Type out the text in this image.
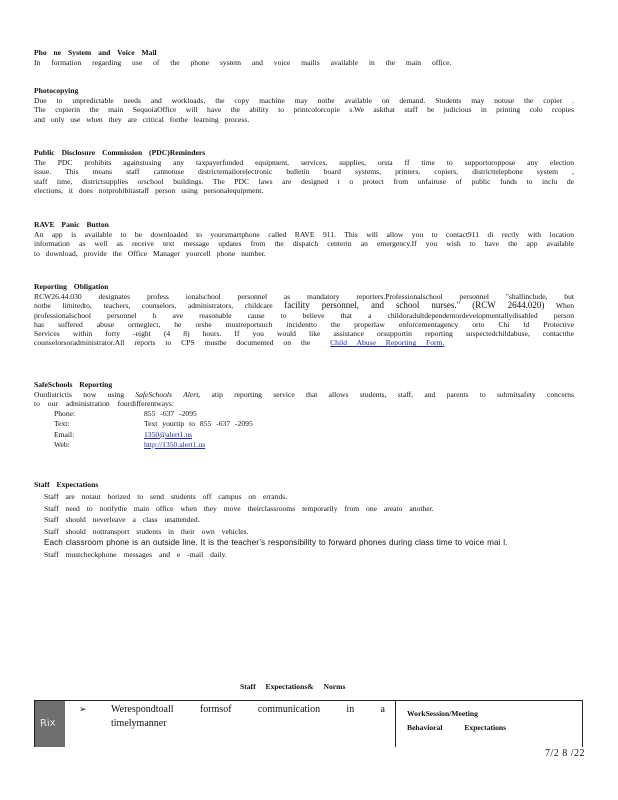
Pho ne System and Voice Mail
In formation regarding use of the phone system and voice mailis available in the main office.
Photocopying
Due to unpredictable needs and workloads, the copy machine may nothe available on demand. Students may notuse the copier .
The copierin the main SequoiaOffice will have the ability to printcolorcopie s.We askthat staff be judicious in printing colo rcopies
and only use when they are critical forthe learning process.
Public Disclosure Commission (PDC)Reminders
The PDC prohibits againstusing any taxpayerfunded equipment, services, supplies, orsta ff time to supportoroppose any election
issue. This means staff cannotuse districtemailorelectronic bulletin board systems, printers, copiers, districttelephone system ,
staff time, districtsupplies orschool buildings. The PDC laws are designed t o protect from unfairuse of public funds to inclu de
elections, it does notprohibitastaff person using personalequipment.
RAVE Panic Button
An app is available to be downloaded to yoursmartphone called RAVE 911. This will allow you to contact911 di rectly with location
information as well as receive text message updates from the dispatch centerin an emergency.If you wish to have the app available
to download, provide the Office Manager yourcell phone number.
Reporting Obligation
RCW26.44.030 designates profess ionalschool personnel as mandatory reporters.Professionalschool personnel "shallinclude, but
notbe limitedto, teachers, counselors, administrators, childcare facility personnel, and school nurses." (RCW 2644.020) When
professionalschool personnel h ave reasonable cause to believe that a childoradultdependentordevelopmentallydisabled person
has suffered abuse ormeglect, he orshe mustreportsuch incidentto the properlaw enforcementagency orto Chi ld Protective
Services within forty -eight (4 8) hours. If you would like assistance orsupportin reporting suspectedchildabuse, contactthe
counselorsoradministrator.All reports to CPS mustbe documented on the	Child Abuse Reporting Form.
SafeSchools Reporting
Ourdistrictis now using SafeSchools Alert, atip reporting service that allows students, staff, and parents to submitsafety concerns
to our administration fourdifferentways:
Phone:	855 -637 -2095
Text:	Text yourtip to 855 -637 -2095
Email:	1350@alert1.us
Web:	http://1350.alert1.us
Staff Expectations
Staff are notaut horized to send students off campus on errands.
Staff need to notifythe main office when they move theirclassrooms temporarily from one areato another.
Staff should neverleave a class unattended.
Staff should nottransport students in their own vehicles.
Each classroom phone is an outside line. It is the teacher’s responsibility to forward phones during class time to voice mai l.
Staff mustcheckphone messages and e -mail daily.
Staff Expectations& Norms
Rix
➢ Werespondtoall formsof communication in a
timelymanner
WorkSession/Meeting
Behavioral Expectations
7/2 8 /22
